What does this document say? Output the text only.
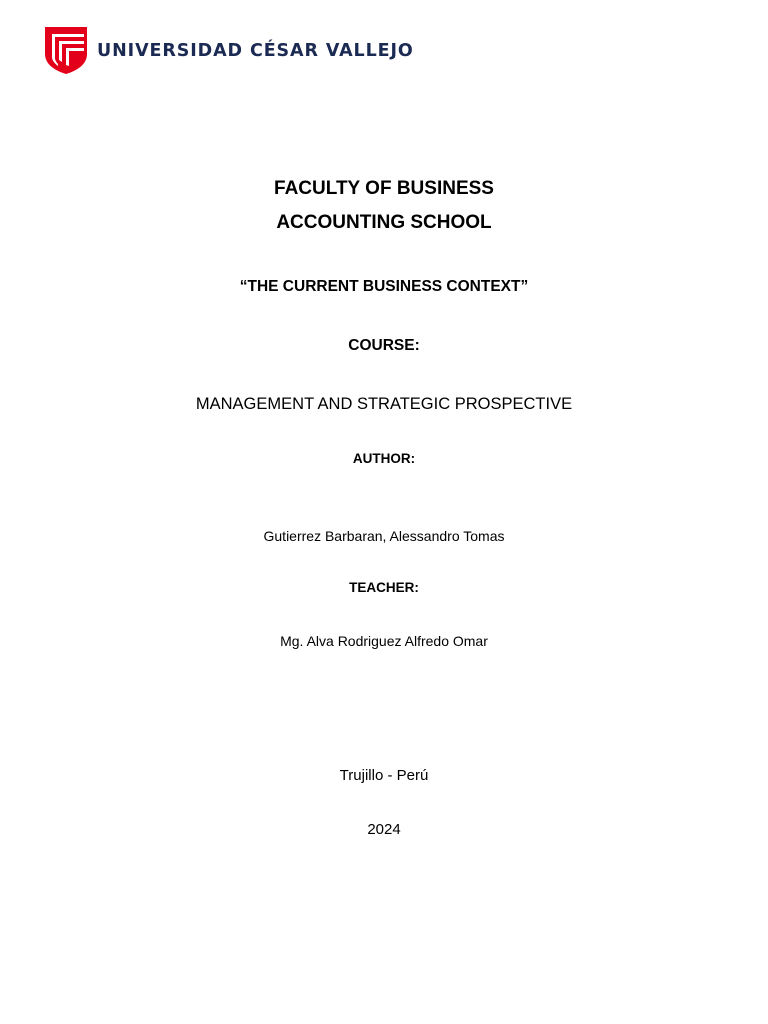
UNIVERSIDAD CÉSAR VALLEJO
FACULTY OF BUSINESS
ACCOUNTING SCHOOL
“THE CURRENT BUSINESS CONTEXT”
COURSE:
MANAGEMENT AND STRATEGIC PROSPECTIVE
AUTHOR:
Gutierrez Barbaran, Alessandro Tomas
TEACHER:
Mg. Alva Rodriguez Alfredo Omar
Trujillo - Perú
2024
